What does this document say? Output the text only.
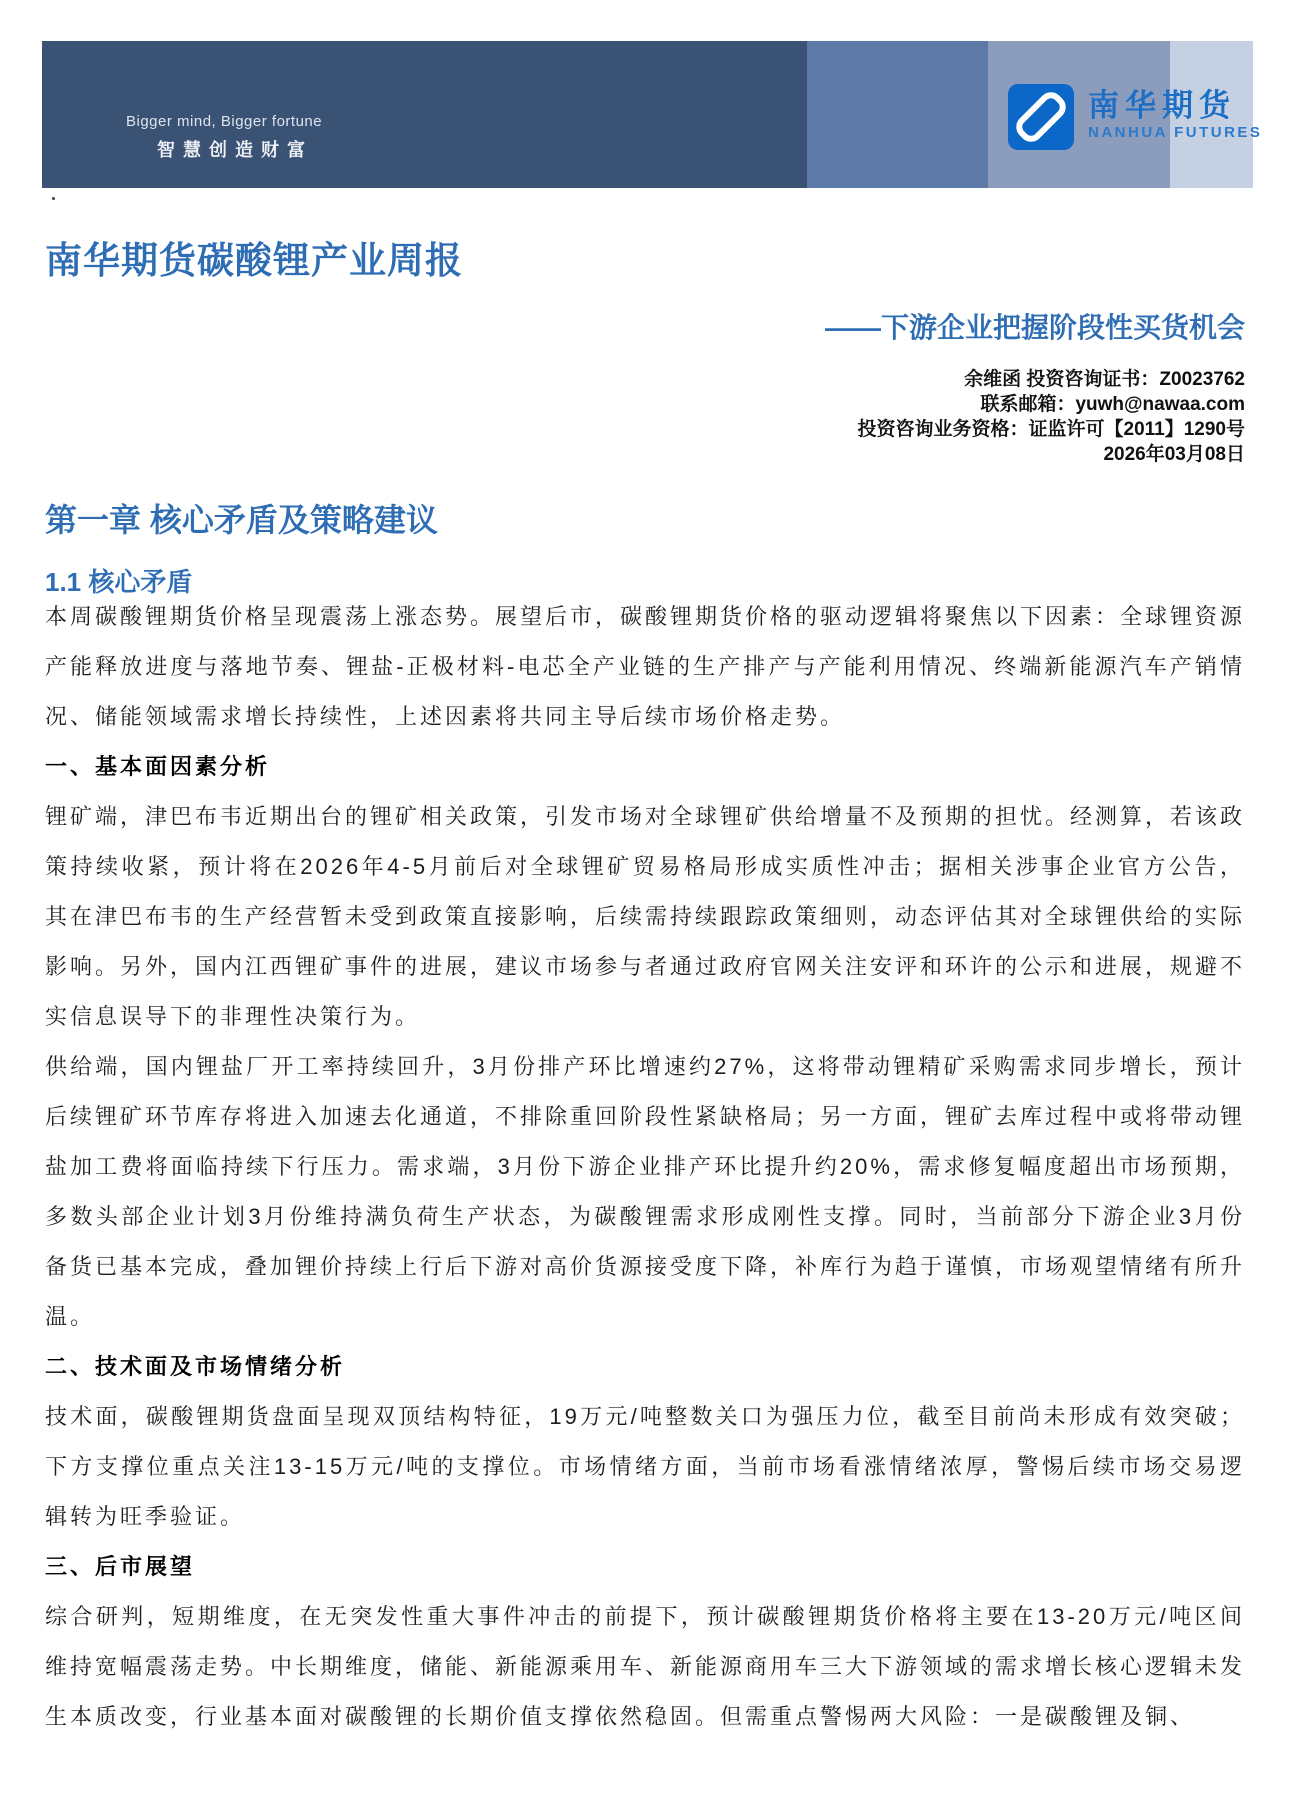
Bigger mind, Bigger fortune
智慧创造财富
南华期货
NANHUA FUTURES
南华期货碳酸锂产业周报
——下游企业把握阶段性买货机会
余维函 投资咨询证书：Z0023762
联系邮箱：yuwh@nawaa.com
投资咨询业务资格：证监许可【2011】1290号
2026年03月08日
第一章 核心矛盾及策略建议
1.1 核心矛盾

本周碳酸锂期货价格呈现震荡上涨态势。展望后市，碳酸锂期货价格的驱动逻辑将聚焦以下因素：全球锂资源产能释放进度与落地节奏、锂盐-正极材料-电芯全产业链的生产排产与产能利用情况、终端新能源汽车产销情况、储能领域需求增长持续性，上述因素将共同主导后续市场价格走势。

一、基本面因素分析

锂矿端，津巴布韦近期出台的锂矿相关政策，引发市场对全球锂矿供给增量不及预期的担忧。经测算，若该政策持续收紧，预计将在2026年4-5月前后对全球锂矿贸易格局形成实质性冲击；据相关涉事企业官方公告，其在津巴布韦的生产经营暂未受到政策直接影响，后续需持续跟踪政策细则，动态评估其对全球锂供给的实际影响。另外，国内江西锂矿事件的进展，建议市场参与者通过政府官网关注安评和环许的公示和进展，规避不实信息误导下的非理性决策行为。

供给端，国内锂盐厂开工率持续回升，3月份排产环比增速约27%，这将带动锂精矿采购需求同步增长，预计后续锂矿环节库存将进入加速去化通道，不排除重回阶段性紧缺格局；另一方面，锂矿去库过程中或将带动锂盐加工费将面临持续下行压力。需求端，3月份下游企业排产环比提升约20%，需求修复幅度超出市场预期，多数头部企业计划3月份维持满负荷生产状态，为碳酸锂需求形成刚性支撑。同时，当前部分下游企业3月份备货已基本完成，叠加锂价持续上行后下游对高价货源接受度下降，补库行为趋于谨慎，市场观望情绪有所升温。

二、技术面及市场情绪分析

技术面，碳酸锂期货盘面呈现双顶结构特征，19万元/吨整数关口为强压力位，截至目前尚未形成有效突破；下方支撑位重点关注13-15万元/吨的支撑位。市场情绪方面，当前市场看涨情绪浓厚，警惕后续市场交易逻辑转为旺季验证。

三、后市展望

综合研判，短期维度，在无突发性重大事件冲击的前提下，预计碳酸锂期货价格将主要在13-20万元/吨区间维持宽幅震荡走势。中长期维度，储能、新能源乘用车、新能源商用车三大下游领域的需求增长核心逻辑未发生本质改变，行业基本面对碳酸锂的长期价值支撑依然稳固。但需重点警惕两大风险：一是碳酸锂及铜、
